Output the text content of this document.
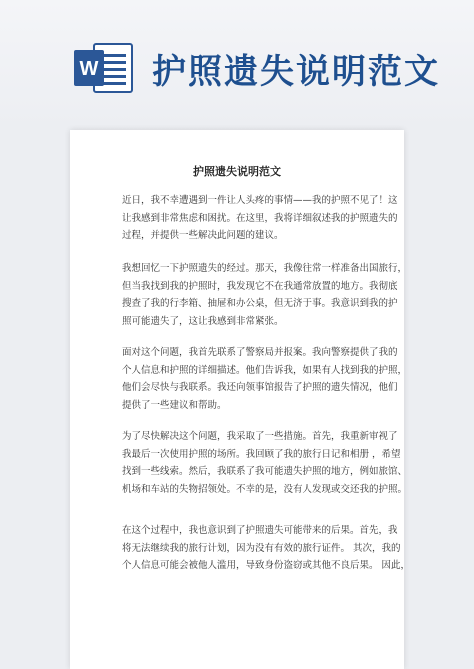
W 护照遗失说明范文
护照遗失说明范文

近日，我不幸遭遇到一件让人头疼的事情——我的护照不见了！这
让我感到非常焦虑和困扰。在这里，我将详细叙述我的护照遗失的
过程，并提供一些解决此问题的建议。

我想回忆一下护照遗失的经过。那天，我像往常一样准备出国旅行，
但当我找到我的护照时，我发现它不在我通常放置的地方。我彻底
搜查了我的行李箱、抽屉和办公桌，但无济于事。我意识到我的护
照可能遗失了，这让我感到非常紧张。

面对这个问题，我首先联系了警察局并报案。我向警察提供了我的
个人信息和护照的详细描述。他们告诉我，如果有人找到我的护照，
他们会尽快与我联系。我还向领事馆报告了护照的遗失情况，他们
提供了一些建议和帮助。

为了尽快解决这个问题，我采取了一些措施。首先，我重新审视了
我最后一次使用护照的场所。我回顾了我的旅行日记和相册 ，希望
找到一些线索。然后，我联系了我可能遗失护照的地方，例如旅馆、
机场和车站的失物招领处。不幸的是，没有人发现或交还我的护照。

在这个过程中，我也意识到了护照遗失可能带来的后果。首先，我
将无法继续我的旅行计划，因为没有有效的旅行证件。 其次，我的
个人信息可能会被他人滥用，导致身份盗窃或其他不良后果。 因此，
